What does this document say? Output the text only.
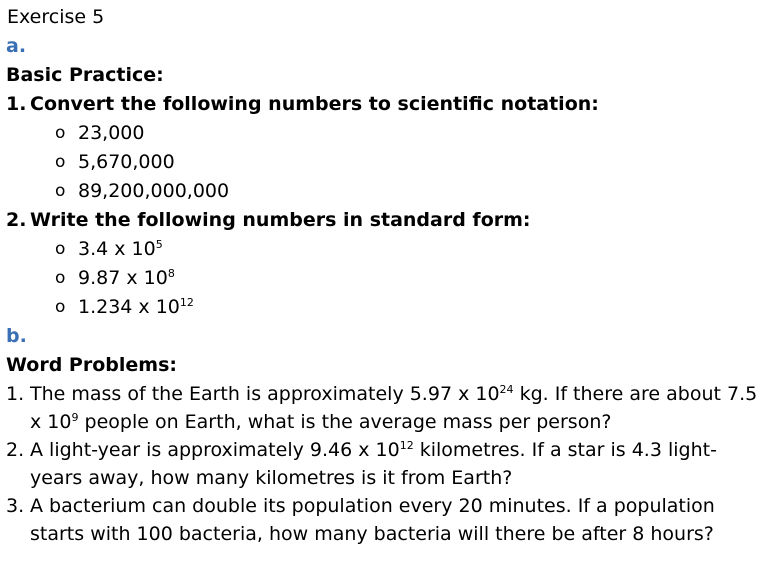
Exercise 5
a.
Basic Practice:
1. Convert the following numbers to scientific notation:
o 23,000
o 5,670,000
o 89,200,000,000
2. Write the following numbers in standard form:
o 3.4 x $10^5$
o 9.87 x $10^8$
o 1.234 x $10^{12}$
b.
Word Problems:
1. The mass of the Earth is approximately 5.97 x $10^{24}$ kg. If there are about 7.5 x $10^9$ people on Earth, what is the average mass per person?
2. A light-year is approximately 9.46 x $10^{12}$ kilometres. If a star is 4.3 light-years away, how many kilometres is it from Earth?
3. A bacterium can double its population every 20 minutes. If a population starts with 100 bacteria, how many bacteria will there be after 8 hours?
